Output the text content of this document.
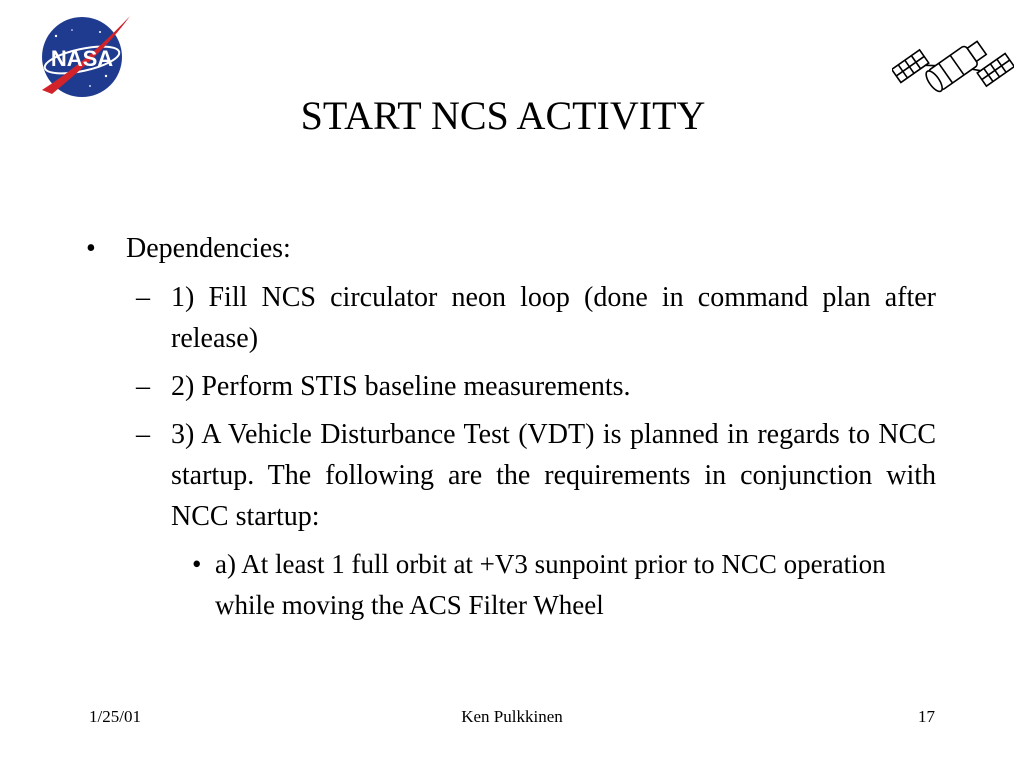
NASA
START NCS ACTIVITY
• Dependencies:
– 1) Fill NCS circulator neon loop (done in command plan after release)
– 2) Perform STIS baseline measurements.
– 3) A Vehicle Disturbance Test (VDT) is planned in regards to NCC startup. The following are the requirements in conjunction with NCC startup:
• a) At least 1 full orbit at +V3 sunpoint prior to NCC operation while moving the ACS Filter Wheel
1/25/01	Ken Pulkkinen	17
